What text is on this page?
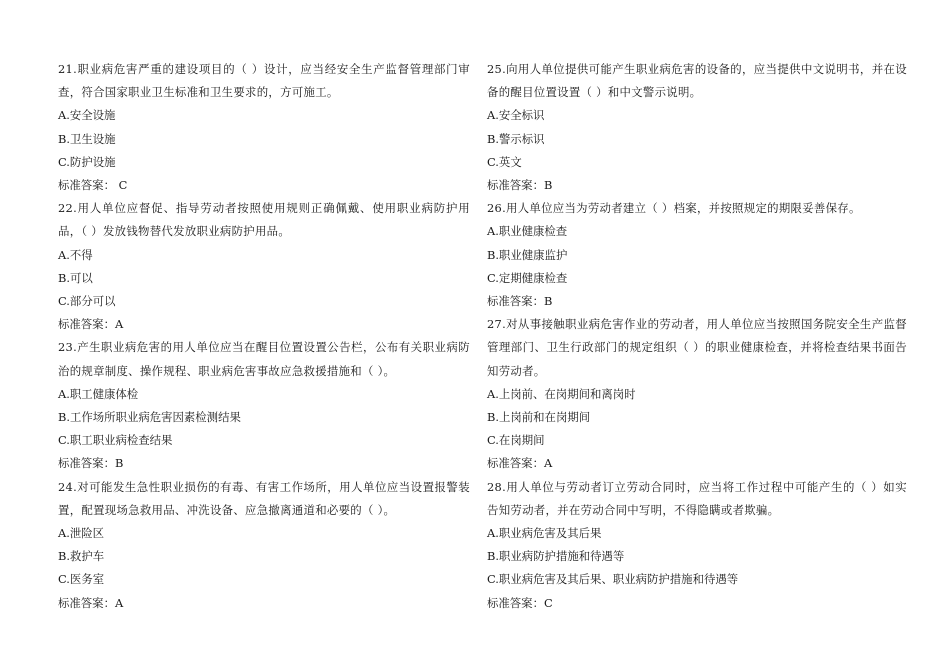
21.职业病危害严重的建设项目的（ ）设计，应当经安全生产监督管理部门审查，符合国家职业卫生标准和卫生要求的，方可施工。

A.安全设施

B.卫生设施

C.防护设施

标准答案： C

22.用人单位应督促、指导劳动者按照使用规则正确佩戴、使用职业病防护用品，（ ）发放钱物替代发放职业病防护用品。

A.不得

B.可以

C.部分可以

标准答案：A

23.产生职业病危害的用人单位应当在醒目位置设置公告栏，公布有关职业病防治的规章制度、操作规程、职业病危害事故应急救援措施和（ ）。

A.职工健康体检

B.工作场所职业病危害因素检测结果

C.职工职业病检查结果

标准答案：B

24.对可能发生急性职业损伤的有毒、有害工作场所，用人单位应当设置报警装置，配置现场急救用品、冲洗设备、应急撤离通道和必要的（ ）。

A.泄险区

B.救护车

C.医务室

标准答案：A

25.向用人单位提供可能产生职业病危害的设备的，应当提供中文说明书，并在设备的醒目位置设置（ ）和中文警示说明。

A.安全标识

B.警示标识

C.英文

标准答案：B

26.用人单位应当为劳动者建立（ ）档案，并按照规定的期限妥善保存。

A.职业健康检查

B.职业健康监护

C.定期健康检查

标准答案：B

27.对从事接触职业病危害作业的劳动者，用人单位应当按照国务院安全生产监督管理部门、卫生行政部门的规定组织（ ）的职业健康检查，并将检查结果书面告知劳动者。

A.上岗前、在岗期间和离岗时

B.上岗前和在岗期间

C.在岗期间

标准答案：A

28.用人单位与劳动者订立劳动合同时，应当将工作过程中可能产生的（ ）如实告知劳动者，并在劳动合同中写明，不得隐瞒或者欺骗。

A.职业病危害及其后果

B.职业病防护措施和待遇等

C.职业病危害及其后果、职业病防护措施和待遇等

标准答案：C
